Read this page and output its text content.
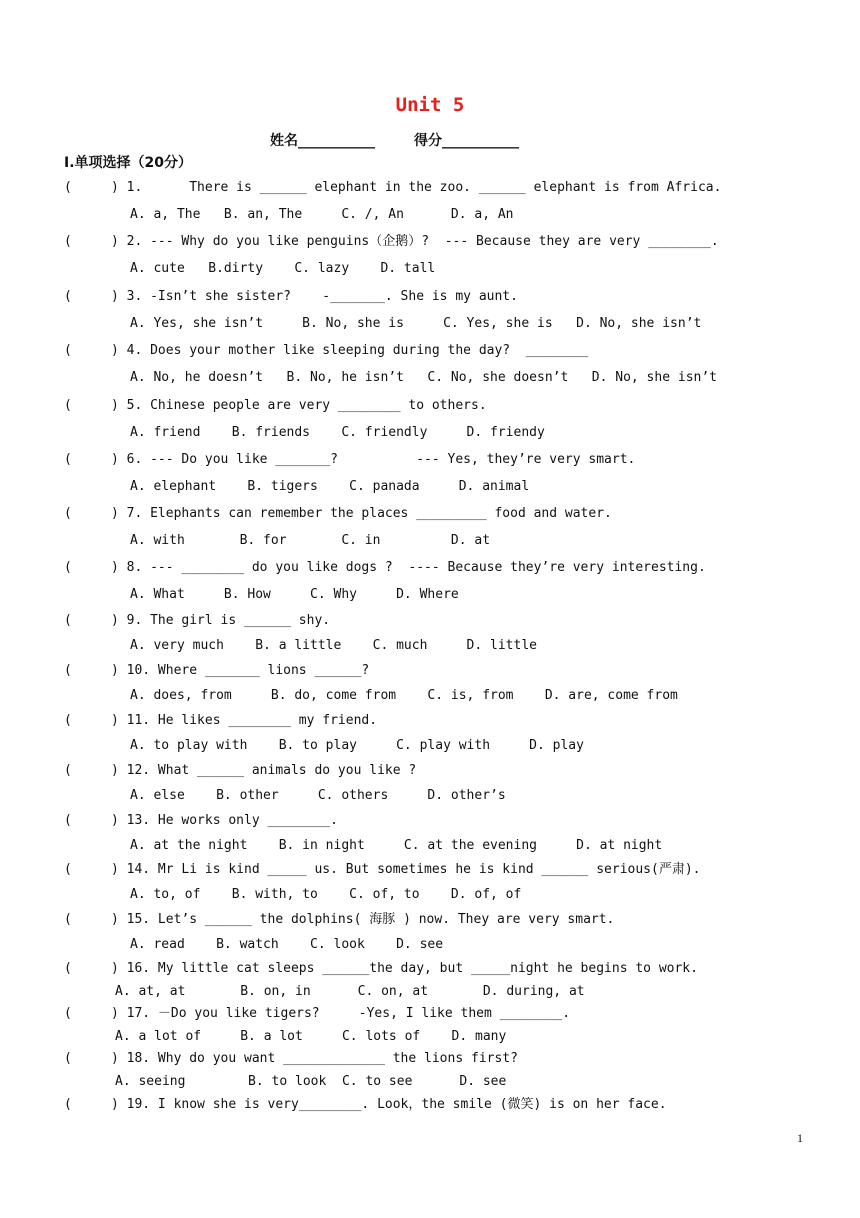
Unit 5
姓名___________	得分___________
Ⅰ.单项选择（20分）
(     ) 1.      There is ______ elephant in the zoo. ______ elephant is from Africa.
A. a, The   B. an, The     C. /, An      D. a, An
(     ) 2. --- Why do you like penguins（企鹅）?  --- Because they are very ________.
A. cute   B.dirty    C. lazy    D. tall
(     ) 3. -Isn’t she sister?    -_______. She is my aunt.
A. Yes, she isn’t     B. No, she is     C. Yes, she is   D. No, she isn’t
(     ) 4. Does your mother like sleeping during the day?  ________
A. No, he doesn’t   B. No, he isn’t   C. No, she doesn’t   D. No, she isn’t
(     ) 5. Chinese people are very ________ to others.
A. friend    B. friends    C. friendly     D. friendy
(     ) 6. --- Do you like _______?          --- Yes, they’re very smart.
A. elephant    B. tigers    C. panada     D. animal
(     ) 7. Elephants can remember the places _________ food and water.
A. with       B. for       C. in         D. at
(     ) 8. --- ________ do you like dogs ?  ---- Because they’re very interesting.
A. What     B. How     C. Why     D. Where
(     ) 9. The girl is ______ shy.
A. very much    B. a little    C. much     D. little
(     ) 10. Where _______ lions ______?
A. does, from     B. do, come from    C. is, from    D. are, come from
(     ) 11. He likes ________ my friend.
A. to play with    B. to play     C. play with     D. play
(     ) 12. What ______ animals do you like ?
A. else    B. other     C. others     D. other’s
(     ) 13. He works only ________.
A. at the night    B. in night     C. at the evening     D. at night
(     ) 14. Mr Li is kind _____ us. But sometimes he is kind ______ serious(严肃).
A. to, of    B. with, to    C. of, to    D. of, of
(     ) 15. Let’s ______ the dolphins( 海豚 ) now. They are very smart.
A. read    B. watch    C. look    D. see
(     ) 16. My little cat sleeps ______the day, but _____night he begins to work.
A. at, at       B. on, in      C. on, at       D. during, at
(     ) 17. －Do you like tigers?     -Yes, I like them ________.
A. a lot of     B. a lot     C. lots of    D. many
(     ) 18. Why do you want _____________ the lions first?
A. seeing        B. to look  C. to see      D. see
(     ) 19. I know she is very________. Look，the smile (微笑) is on her face.
1
